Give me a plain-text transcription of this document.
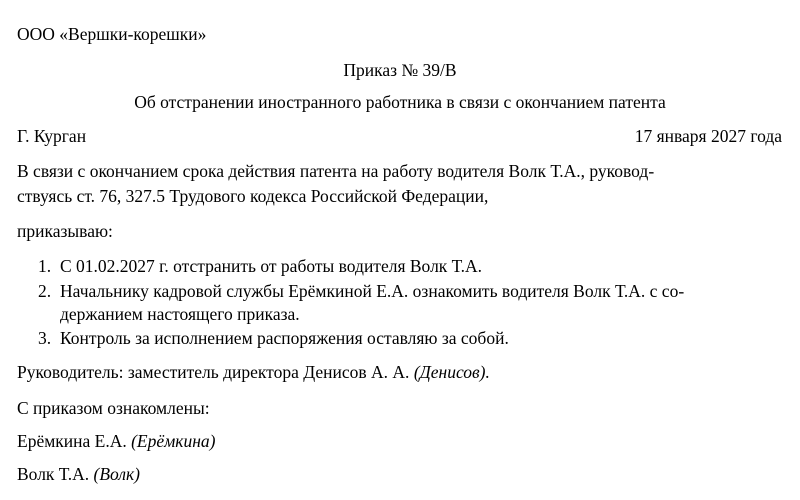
ООО «Вершки-корешки»
Приказ № 39/В
Об отстранении иностранного работника в связи с окончанием патента
Г. Курган	17 января 2027 года
В связи с окончанием срока действия патента на работу водителя Волк Т.А., руковод-
ствуясь ст. 76, 327.5 Трудового кодекса Российской Федерации,
приказываю:
1. С 01.02.2027 г. отстранить от работы водителя Волк Т.А.
2. Начальнику кадровой службы Ерёмкиной Е.А. ознакомить водителя Волк Т.А. с со-
держанием настоящего приказа.
3. Контроль за исполнением распоряжения оставляю за собой.
Руководитель: заместитель директора Денисов А. А. (Денисов).
С приказом ознакомлены:
Ерёмкина Е.А. (Ерёмкина)
Волк Т.А. (Волк)
